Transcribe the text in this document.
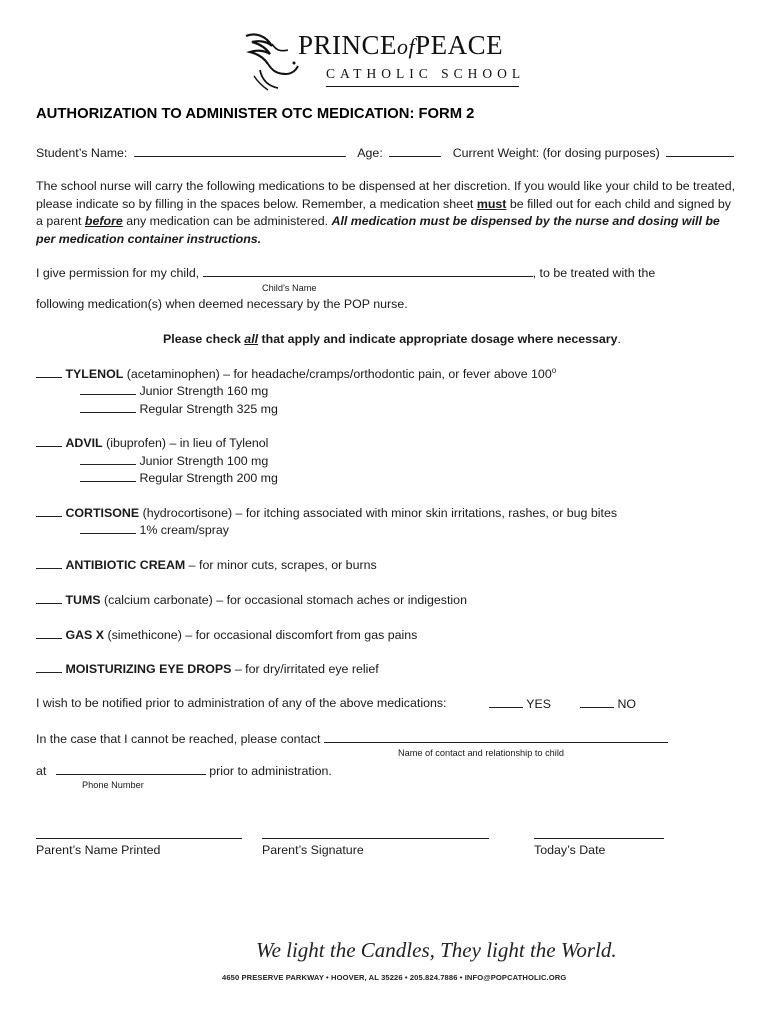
PRINCEofPEACE
CATHOLIC SCHOOL
AUTHORIZATION TO ADMINISTER OTC MEDICATION: FORM 2
Student’s Name:	Age:	Current Weight: (for dosing purposes)
The school nurse will carry the following medications to be dispensed at her discretion. If you would like your child to be treated, please indicate so by filling in the spaces below. Remember, a medication sheet must be filled out for each child and signed by a parent before any medication can be administered. All medication must be dispensed by the nurse and dosing will be per medication container instructions.
I give permission for my child,	, to be treated with the
Child’s Name
following medication(s) when deemed necessary by the POP nurse.
Please check all that apply and indicate appropriate dosage where necessary.
TYLENOL (acetaminophen) – for headache/cramps/orthodontic pain, or fever above 100$^o$
Junior Strength 160 mg
Regular Strength 325 mg
ADVIL (ibuprofen) – in lieu of Tylenol
Junior Strength 100 mg
Regular Strength 200 mg
CORTISONE (hydrocortisone) – for itching associated with minor skin irritations, rashes, or bug bites
1% cream/spray
ANTIBIOTIC CREAM – for minor cuts, scrapes, or burns
TUMS (calcium carbonate) – for occasional stomach aches or indigestion
GAS X (simethicone) – for occasional discomfort from gas pains
MOISTURIZING EYE DROPS – for dry/irritated eye relief
I wish to be notified prior to administration of any of the above medications:	YES	NO
In the case that I cannot be reached, please contact
Name of contact and relationship to child
at	prior to administration.
Phone Number
Parent’s Name Printed	Parent’s Signature	Today’s Date
We light the Candles, They light the World.
4650 PRESERVE PARKWAY • HOOVER, AL 35226 • 205.824.7886 • INFO@POPCATHOLIC.ORG
